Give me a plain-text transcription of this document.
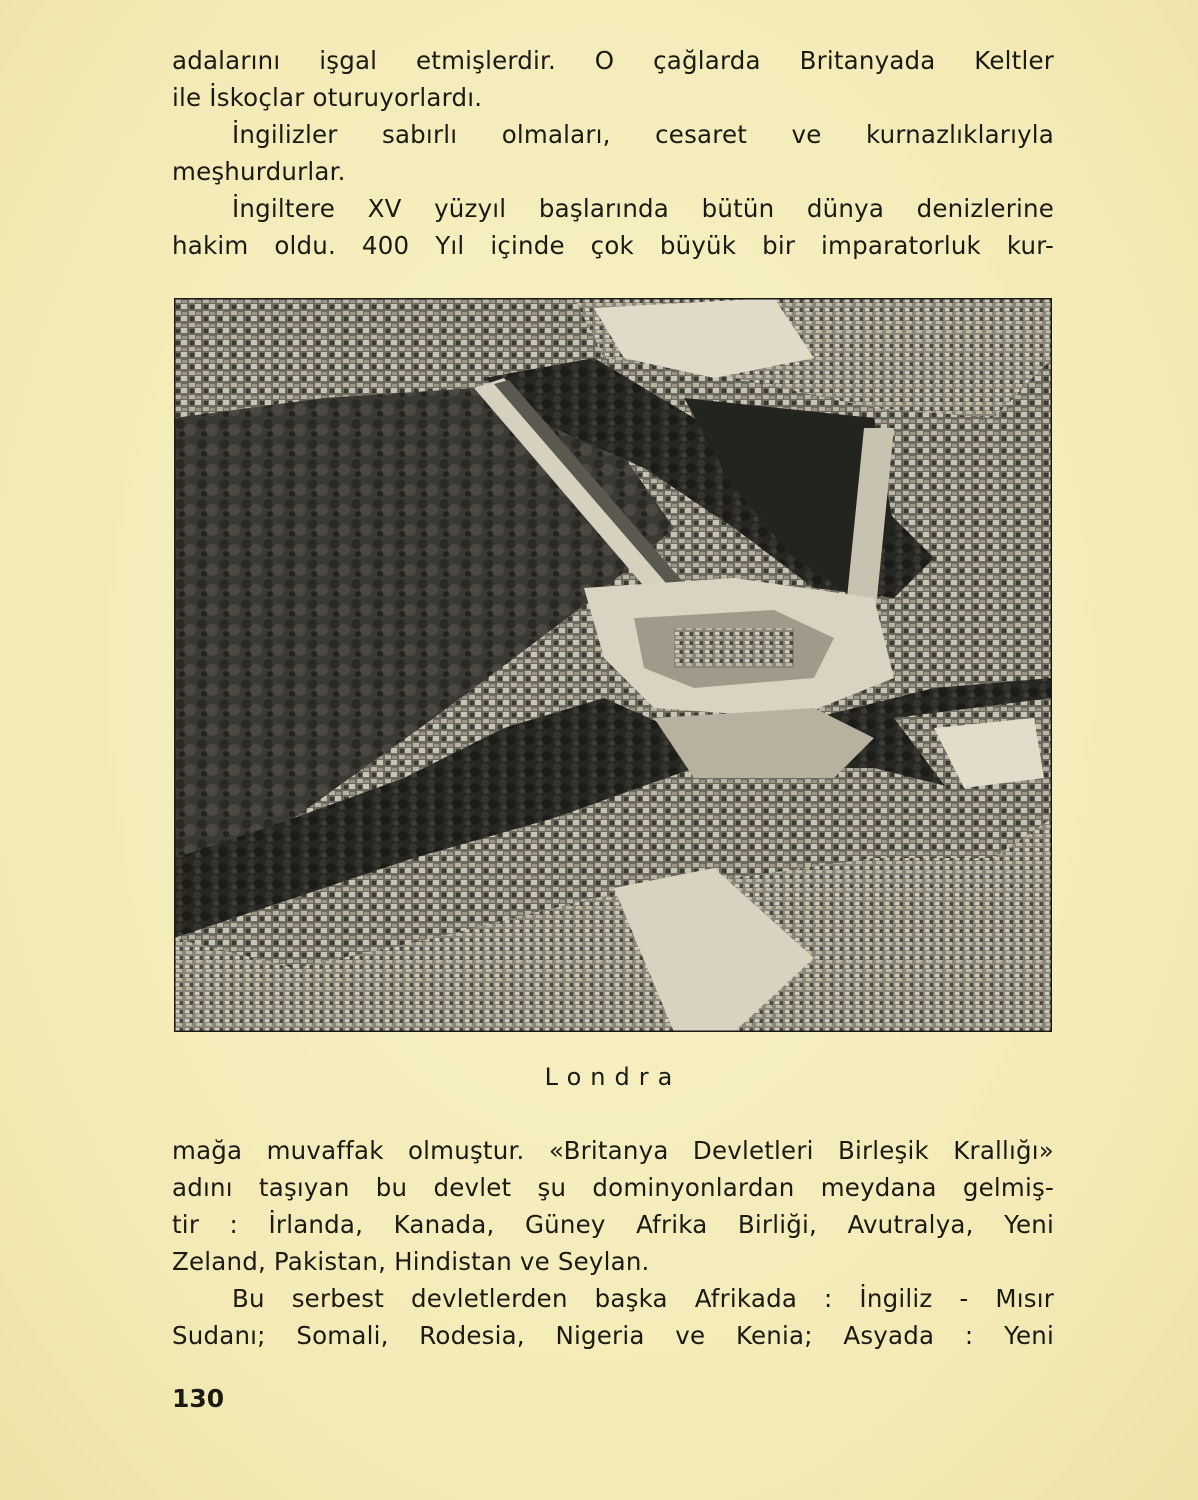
adalarını işgal etmişlerdir. O çağlarda Britanyada Keltler
ile İskoçlar oturuyorlardı.
İngilizler sabırlı olmaları, cesaret ve kurnazlıklarıyla
meşhurdurlar.
İngiltere XV yüzyıl başlarında bütün dünya denizlerine
hakim oldu. 400 Yıl içinde çok büyük bir imparatorluk kur-
Londra
mağa muvaffak olmuştur. «Britanya Devletleri Birleşik Krallığı»
adını taşıyan bu devlet şu dominyonlardan meydana gelmiş-
tir : İrlanda, Kanada, Güney Afrika Birliği, Avutralya, Yeni
Zeland, Pakistan, Hindistan ve Seylan.
Bu serbest devletlerden başka Afrikada : İngiliz - Mısır
Sudanı; Somali, Rodesia, Nigeria ve Kenia; Asyada : Yeni
130
